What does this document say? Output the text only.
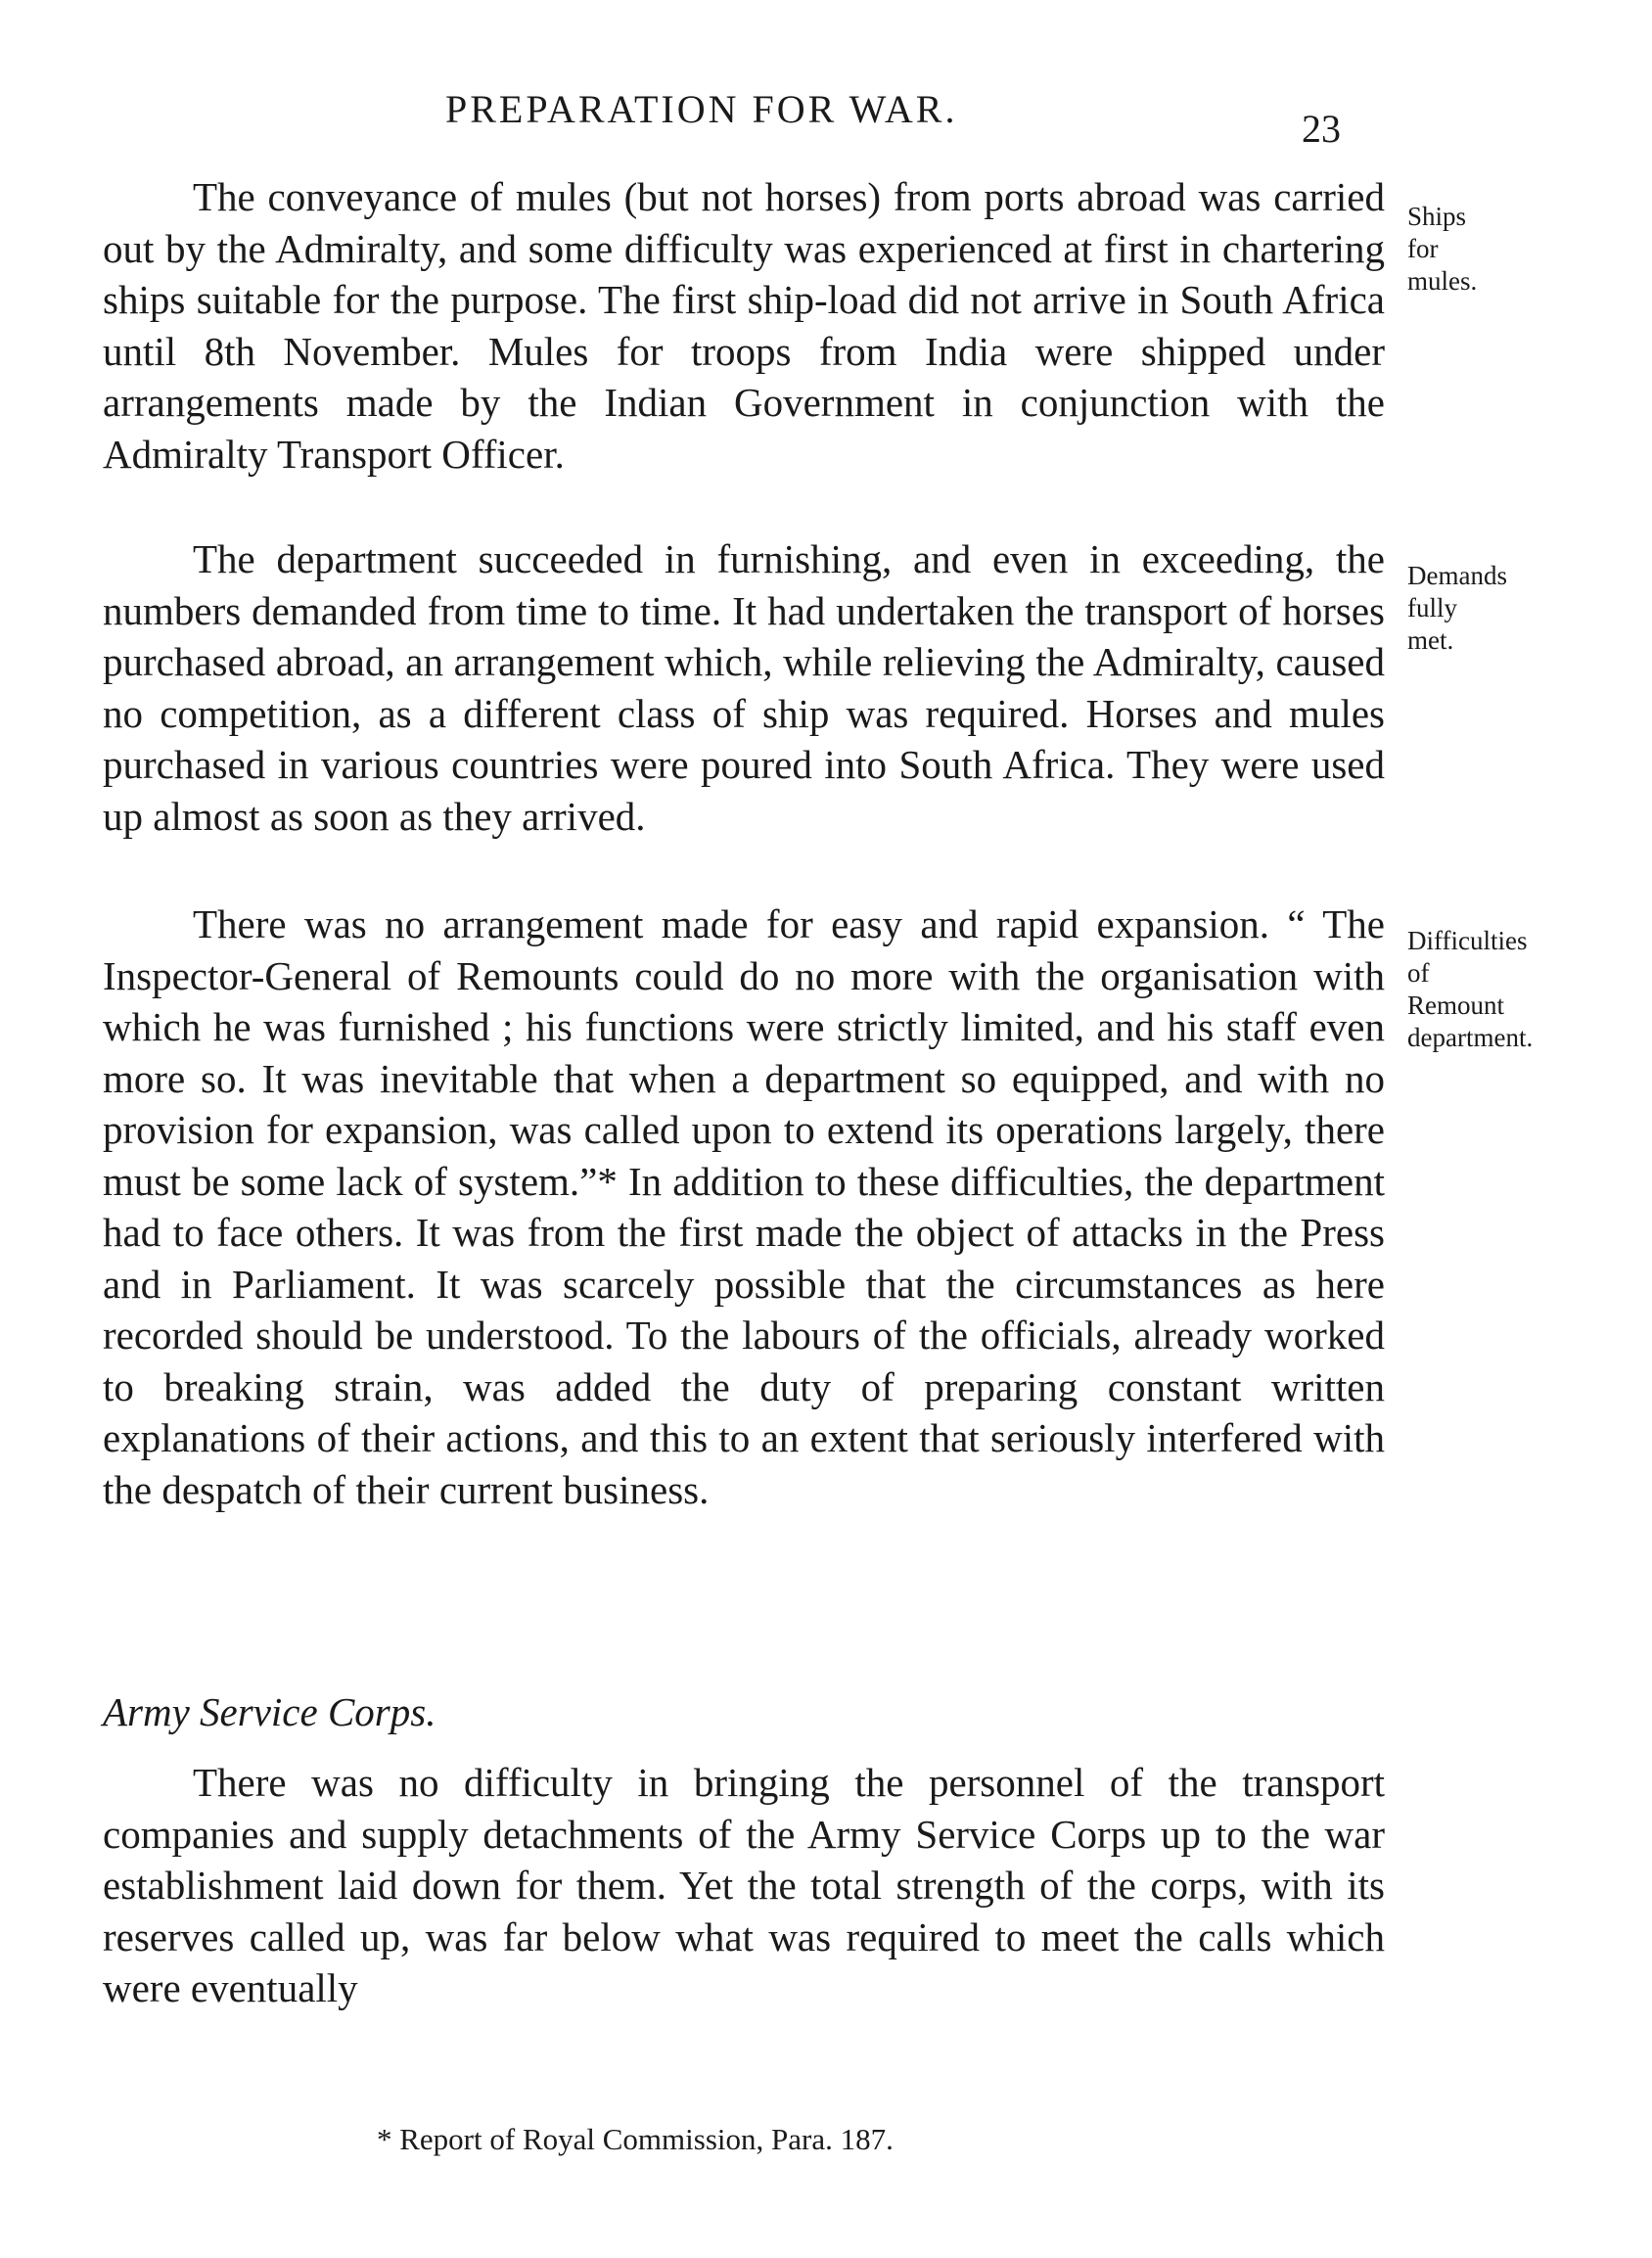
PREPARATION FOR WAR.	23

The conveyance of mules (but not horses) from ports abroad was carried out by the Admiralty, and some difficulty was experienced at first in chartering ships suitable for the purpose. The first ship-load did not arrive in South Africa until 8th November. Mules for troops from India were shipped under arrangements made by the Indian Government in conjunction with the Admiralty Transport Officer.

The department succeeded in furnishing, and even in exceeding, the numbers demanded from time to time. It had undertaken the transport of horses purchased abroad, an arrangement which, while relieving the Admiralty, caused no competition, as a different class of ship was required. Horses and mules purchased in various countries were poured into South Africa. They were used up almost as soon as they arrived.

There was no arrangement made for easy and rapid expansion. “ The Inspector-General of Remounts could do no more with the organisation with which he was furnished ; his functions were strictly limited, and his staff even more so. It was inevitable that when a department so equipped, and with no provision for expansion, was called upon to extend its operations largely, there must be some lack of system.”* In addition to these difficulties, the department had to face others. It was from the first made the object of attacks in the Press and in Parliament. It was scarcely possible that the circumstances as here recorded should be understood. To the labours of the officials, already worked to breaking strain, was added the duty of preparing constant written explanations of their actions, and this to an extent that seriously interfered with the despatch of their current business.

Army Service Corps.

There was no difficulty in bringing the personnel of the transport companies and supply detachments of the Army Service Corps up to the war establishment laid down for them. Yet the total strength of the corps, with its reserves called up, was far below what was required to meet the calls which were eventually

Ships
for
mules.
Demands
fully
met.
Difficulties
of
Remount
department.
* Report of Royal Commission, Para. 187.
